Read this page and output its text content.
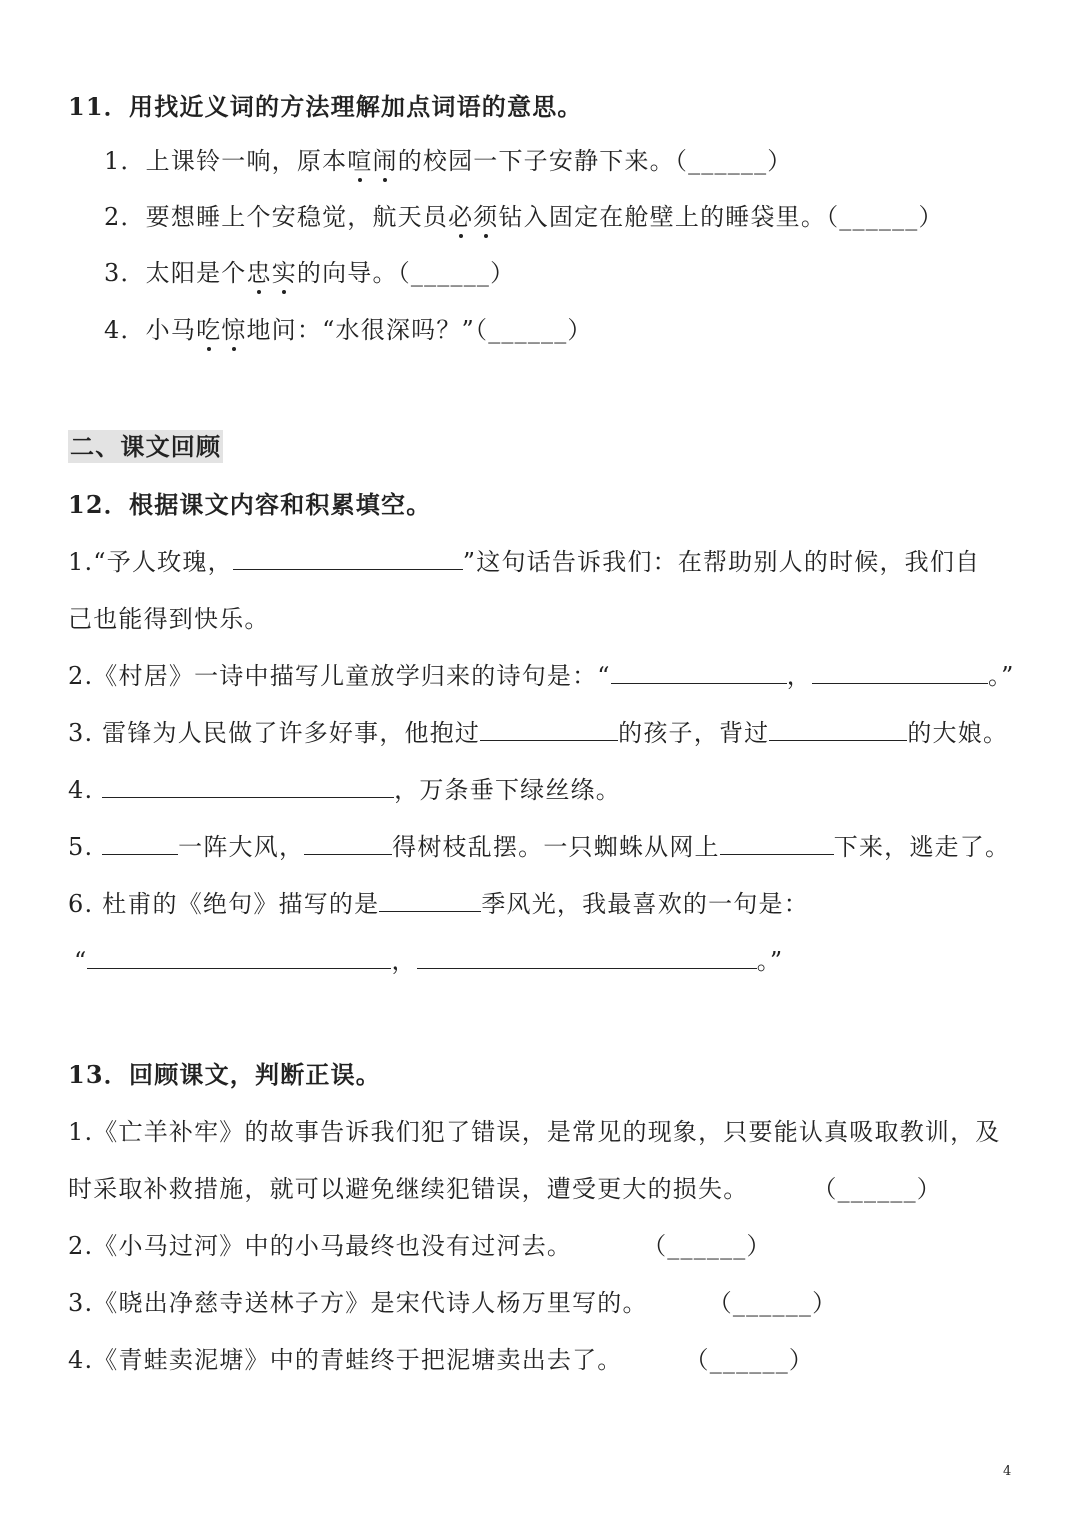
11．用找近义词的方法理解加点词语的意思。
1．上课铃一响，原本喧闹的校园一下子安静下来。（______）
2．要想睡上个安稳觉，航天员必须钻入固定在舱壁上的睡袋里。（______）
3．太阳是个忠实的向导。（______）
4．小马吃惊地问：“水很深吗？”（______）
二、课文回顾
12．根据课文内容和积累填空。
1.“予人玫瑰，	”这句话告诉我们：在帮助别人的时候，我们自
己也能得到快乐。
2.《村居》一诗中描写儿童放学归来的诗句是：“	，	。”
3. 雷锋为人民做了许多好事，他抱过	的孩子，背过	的大娘。
4.	，万条垂下绿丝绦。
5.	一阵大风，	得树枝乱摆。一只蜘蛛从网上	下来，逃走了。
6. 杜甫的《绝句》描写的是	季风光，我最喜欢的一句是：
“	，	。”
13．回顾课文，判断正误。
1.《亡羊补牢》的故事告诉我们犯了错误，是常见的现象，只要能认真吸取教训，及
时采取补救措施，就可以避免继续犯错误，遭受更大的损失。	（______）
2.《小马过河》中的小马最终也没有过河去。	（______）
3.《晓出净慈寺送林子方》是宋代诗人杨万里写的。	（______）
4.《青蛙卖泥塘》中的青蛙终于把泥塘卖出去了。	（______）
4
